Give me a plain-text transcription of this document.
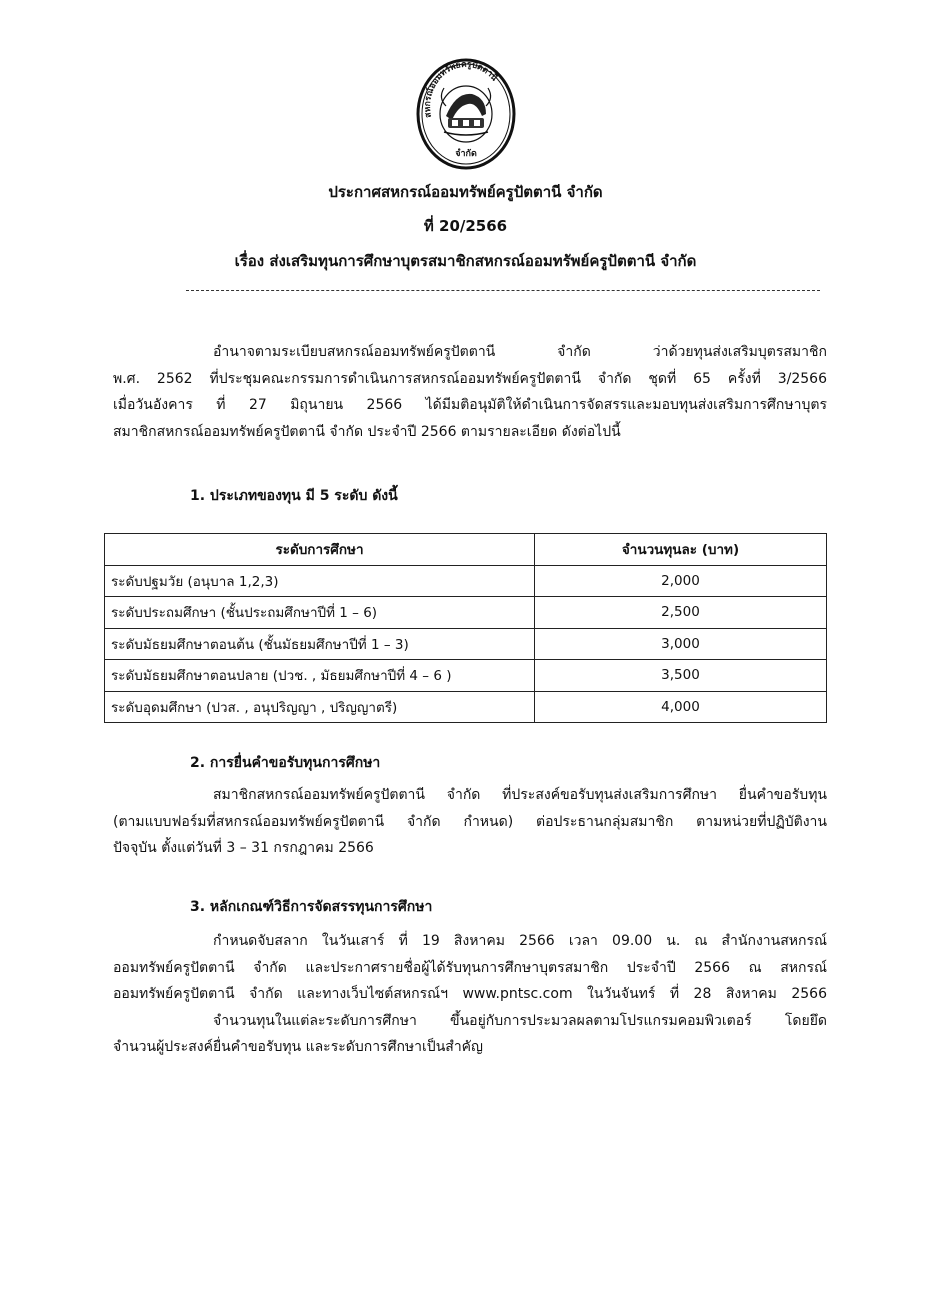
สหกรณ์ออมทรัพย์ครูปัตตานี
จำกัด
ประกาศสหกรณ์ออมทรัพย์ครูปัตตานี จำกัด
ที่ 20/2566
เรื่อง ส่งเสริมทุนการศึกษาบุตรสมาชิกสหกรณ์ออมทรัพย์ครูปัตตานี จำกัด
อำนาจตามระเบียบสหกรณ์ออมทรัพย์ครูปัตตานี จำกัด ว่าด้วยทุนส่งเสริมบุตรสมาชิก
พ.ศ. 2562 ที่ประชุมคณะกรรมการดำเนินการสหกรณ์ออมทรัพย์ครูปัตตานี จำกัด ชุดที่ 65 ครั้งที่ 3/2566
เมื่อวันอังคาร ที่ 27 มิถุนายน 2566 ได้มีมติอนุมัติให้ดำเนินการจัดสรรและมอบทุนส่งเสริมการศึกษาบุตร
สมาชิกสหกรณ์ออมทรัพย์ครูปัตตานี จำกัด ประจำปี 2566 ตามรายละเอียด ดังต่อไปนี้
1. ประเภทของทุน มี 5 ระดับ ดังนี้
ระดับการศึกษา	จำนวนทุนละ (บาท)
ระดับปฐมวัย (อนุบาล 1,2,3)	2,000
ระดับประถมศึกษา (ชั้นประถมศึกษาปีที่ 1 – 6)	2,500
ระดับมัธยมศึกษาตอนต้น (ชั้นมัธยมศึกษาปีที่ 1 – 3)	3,000
ระดับมัธยมศึกษาตอนปลาย (ปวช. , มัธยมศึกษาปีที่ 4 – 6 )	3,500
ระดับอุดมศึกษา (ปวส. , อนุปริญญา , ปริญญาตรี)	4,000
2. การยื่นคำขอรับทุนการศึกษา
สมาชิกสหกรณ์ออมทรัพย์ครูปัตตานี จำกัด ที่ประสงค์ขอรับทุนส่งเสริมการศึกษา ยื่นคำขอรับทุน
(ตามแบบฟอร์มที่สหกรณ์ออมทรัพย์ครูปัตตานี จำกัด กำหนด) ต่อประธานกลุ่มสมาชิก ตามหน่วยที่ปฏิบัติงาน
ปัจจุบัน ตั้งแต่วันที่ 3 – 31 กรกฎาคม 2566
3. หลักเกณฑ์วิธีการจัดสรรทุนการศึกษา
กำหนดจับสลาก ในวันเสาร์ ที่ 19 สิงหาคม 2566 เวลา 09.00 น. ณ สำนักงานสหกรณ์
ออมทรัพย์ครูปัตตานี จำกัด และประกาศรายชื่อผู้ได้รับทุนการศึกษาบุตรสมาชิก ประจำปี 2566 ณ สหกรณ์
ออมทรัพย์ครูปัตตานี จำกัด และทางเว็บไซต์สหกรณ์ฯ www.pntsc.com ในวันจันทร์ ที่ 28 สิงหาคม 2566
จำนวนทุนในแต่ละระดับการศึกษา ขึ้นอยู่กับการประมวลผลตามโปรแกรมคอมพิวเตอร์ โดยยึด
จำนวนผู้ประสงค์ยื่นคำขอรับทุน และระดับการศึกษาเป็นสำคัญ
